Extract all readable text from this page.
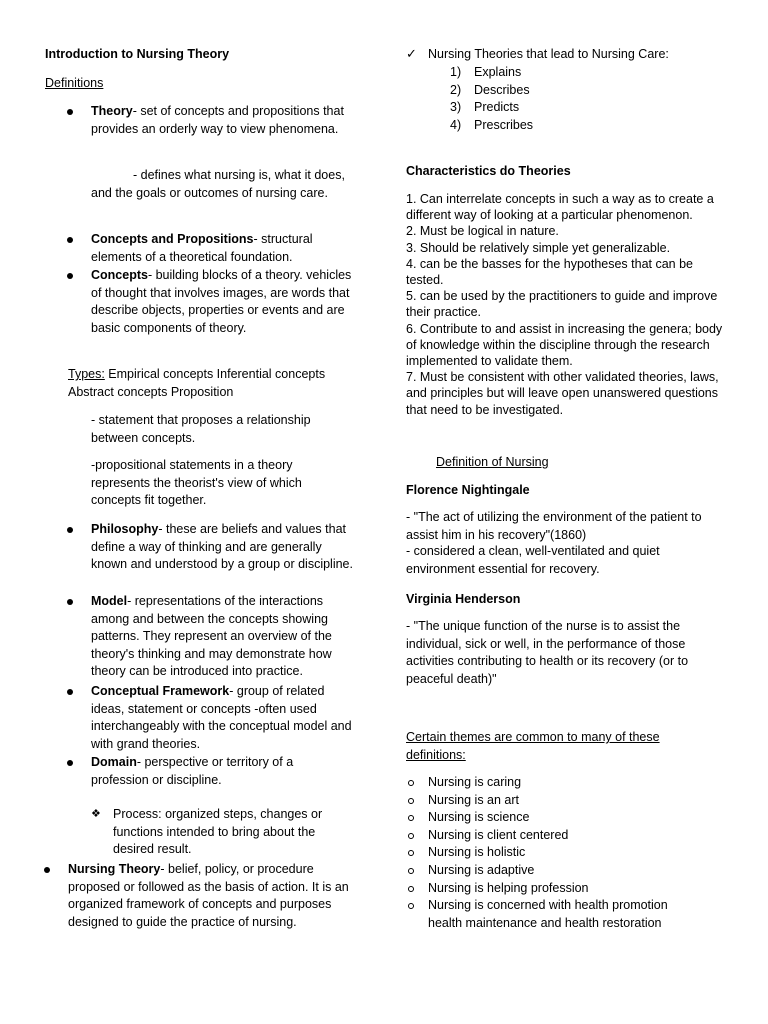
Introduction to Nursing Theory
Definitions
Theory- set of concepts and propositions that provides an orderly way to view phenomena.
- defines what nursing is, what it does, and the goals or outcomes of nursing care.
Concepts and Propositions- structural elements of a theoretical foundation.
Concepts- building blocks of a theory. vehicles of thought that involves images, are words that describe objects, properties or events and are basic components of theory.
Types: Empirical concepts Inferential concepts Abstract concepts Proposition
- statement that proposes a relationship between concepts.
-propositional statements in a theory represents the theorist's view of which concepts fit together.
Philosophy- these are beliefs and values that define a way of thinking and are generally known and understood by a group or discipline.
Model- representations of the interactions among and between the concepts showing patterns. They represent an overview of the theory's thinking and may demonstrate how theory can be introduced into practice.
Conceptual Framework- group of related ideas, statement or concepts -often used interchangeably with the conceptual model and with grand theories.
Domain- perspective or territory of a profession or discipline.
❖ Process: organized steps, changes or functions intended to bring about the desired result.
Nursing Theory- belief, policy, or procedure proposed or followed as the basis of action. It is an organized framework of concepts and purposes designed to guide the practice of nursing.
✓ Nursing Theories that lead to Nursing Care:
1) Explains
2) Describes
3) Predicts
4) Prescribes
Characteristics do Theories
1. Can interrelate concepts in such a way as to create a different way of looking at a particular phenomenon.
2. Must be logical in nature.
3. Should be relatively simple yet generalizable.
4. can be the basses for the hypotheses that can be tested.
5. can be used by the practitioners to guide and improve their practice.
6. Contribute to and assist in increasing the genera; body of knowledge within the discipline through the research implemented to validate them.
7. Must be consistent with other validated theories, laws, and principles but will leave open unanswered questions that need to be investigated.
Definition of Nursing
Florence Nightingale
- "The act of utilizing the environment of the patient to assist him in his recovery"(1860)
- considered a clean, well-ventilated and quiet environment essential for recovery.
Virginia Henderson
- "The unique function of the nurse is to assist the individual, sick or well, in the performance of those activities contributing to health or its recovery (or to peaceful death)"
Certain themes are common to many of these definitions:
Nursing is caring
Nursing is an art
Nursing is science
Nursing is client centered
Nursing is holistic
Nursing is adaptive
Nursing is helping profession
Nursing is concerned with health promotion health maintenance and health restoration
